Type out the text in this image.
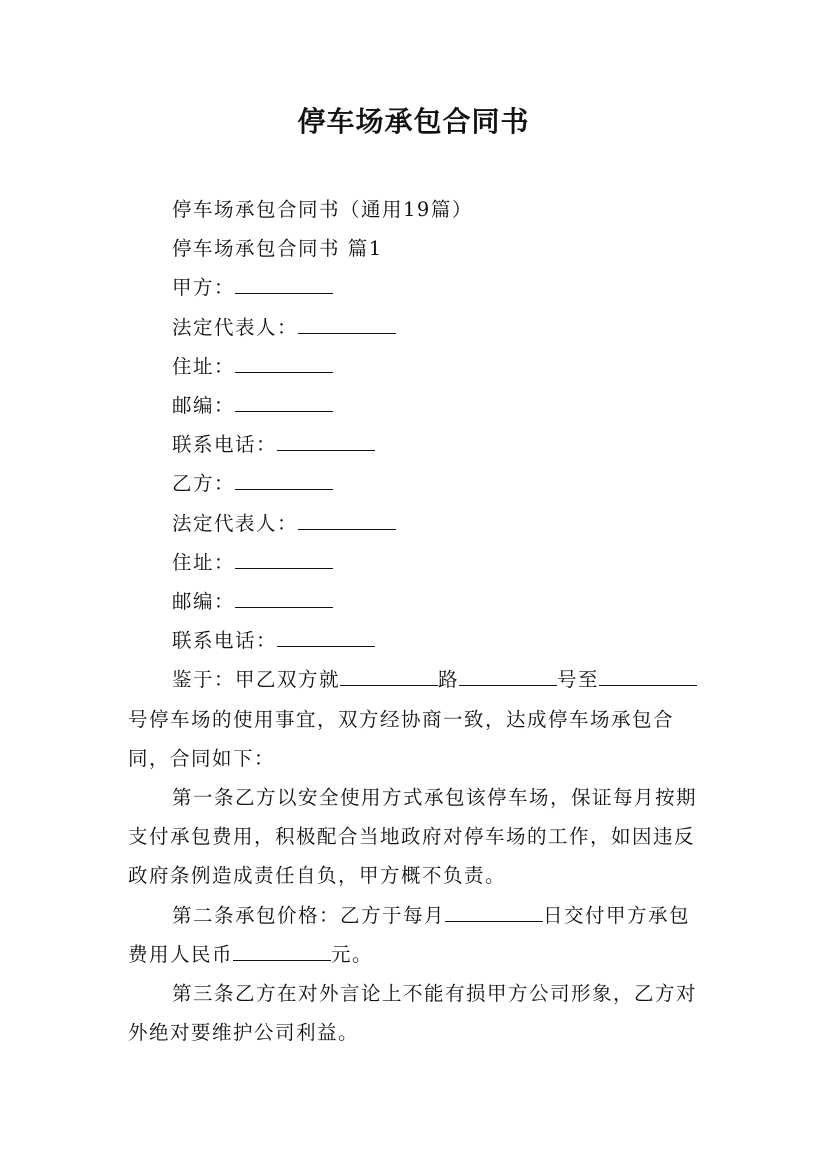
停车场承包合同书

停车场承包合同书（通用19篇）

停车场承包合同书 篇1

甲方：

法定代表人：

住址：

邮编：

联系电话：

乙方：

法定代表人：

住址：

邮编：

联系电话：

鉴于：甲乙双方就	路	号至号停车场的使用事宜，双方经协商一致，达成停车场承包合同，合同如下：

第一条乙方以安全使用方式承包该停车场，保证每月按期支付承包费用，积极配合当地政府对停车场的工作，如因违反政府条例造成责任自负，甲方概不负责。

第二条承包价格：乙方于每月	日交付甲方承包费用人民币	元。

第三条乙方在对外言论上不能有损甲方公司形象，乙方对外绝对要维护公司利益。
